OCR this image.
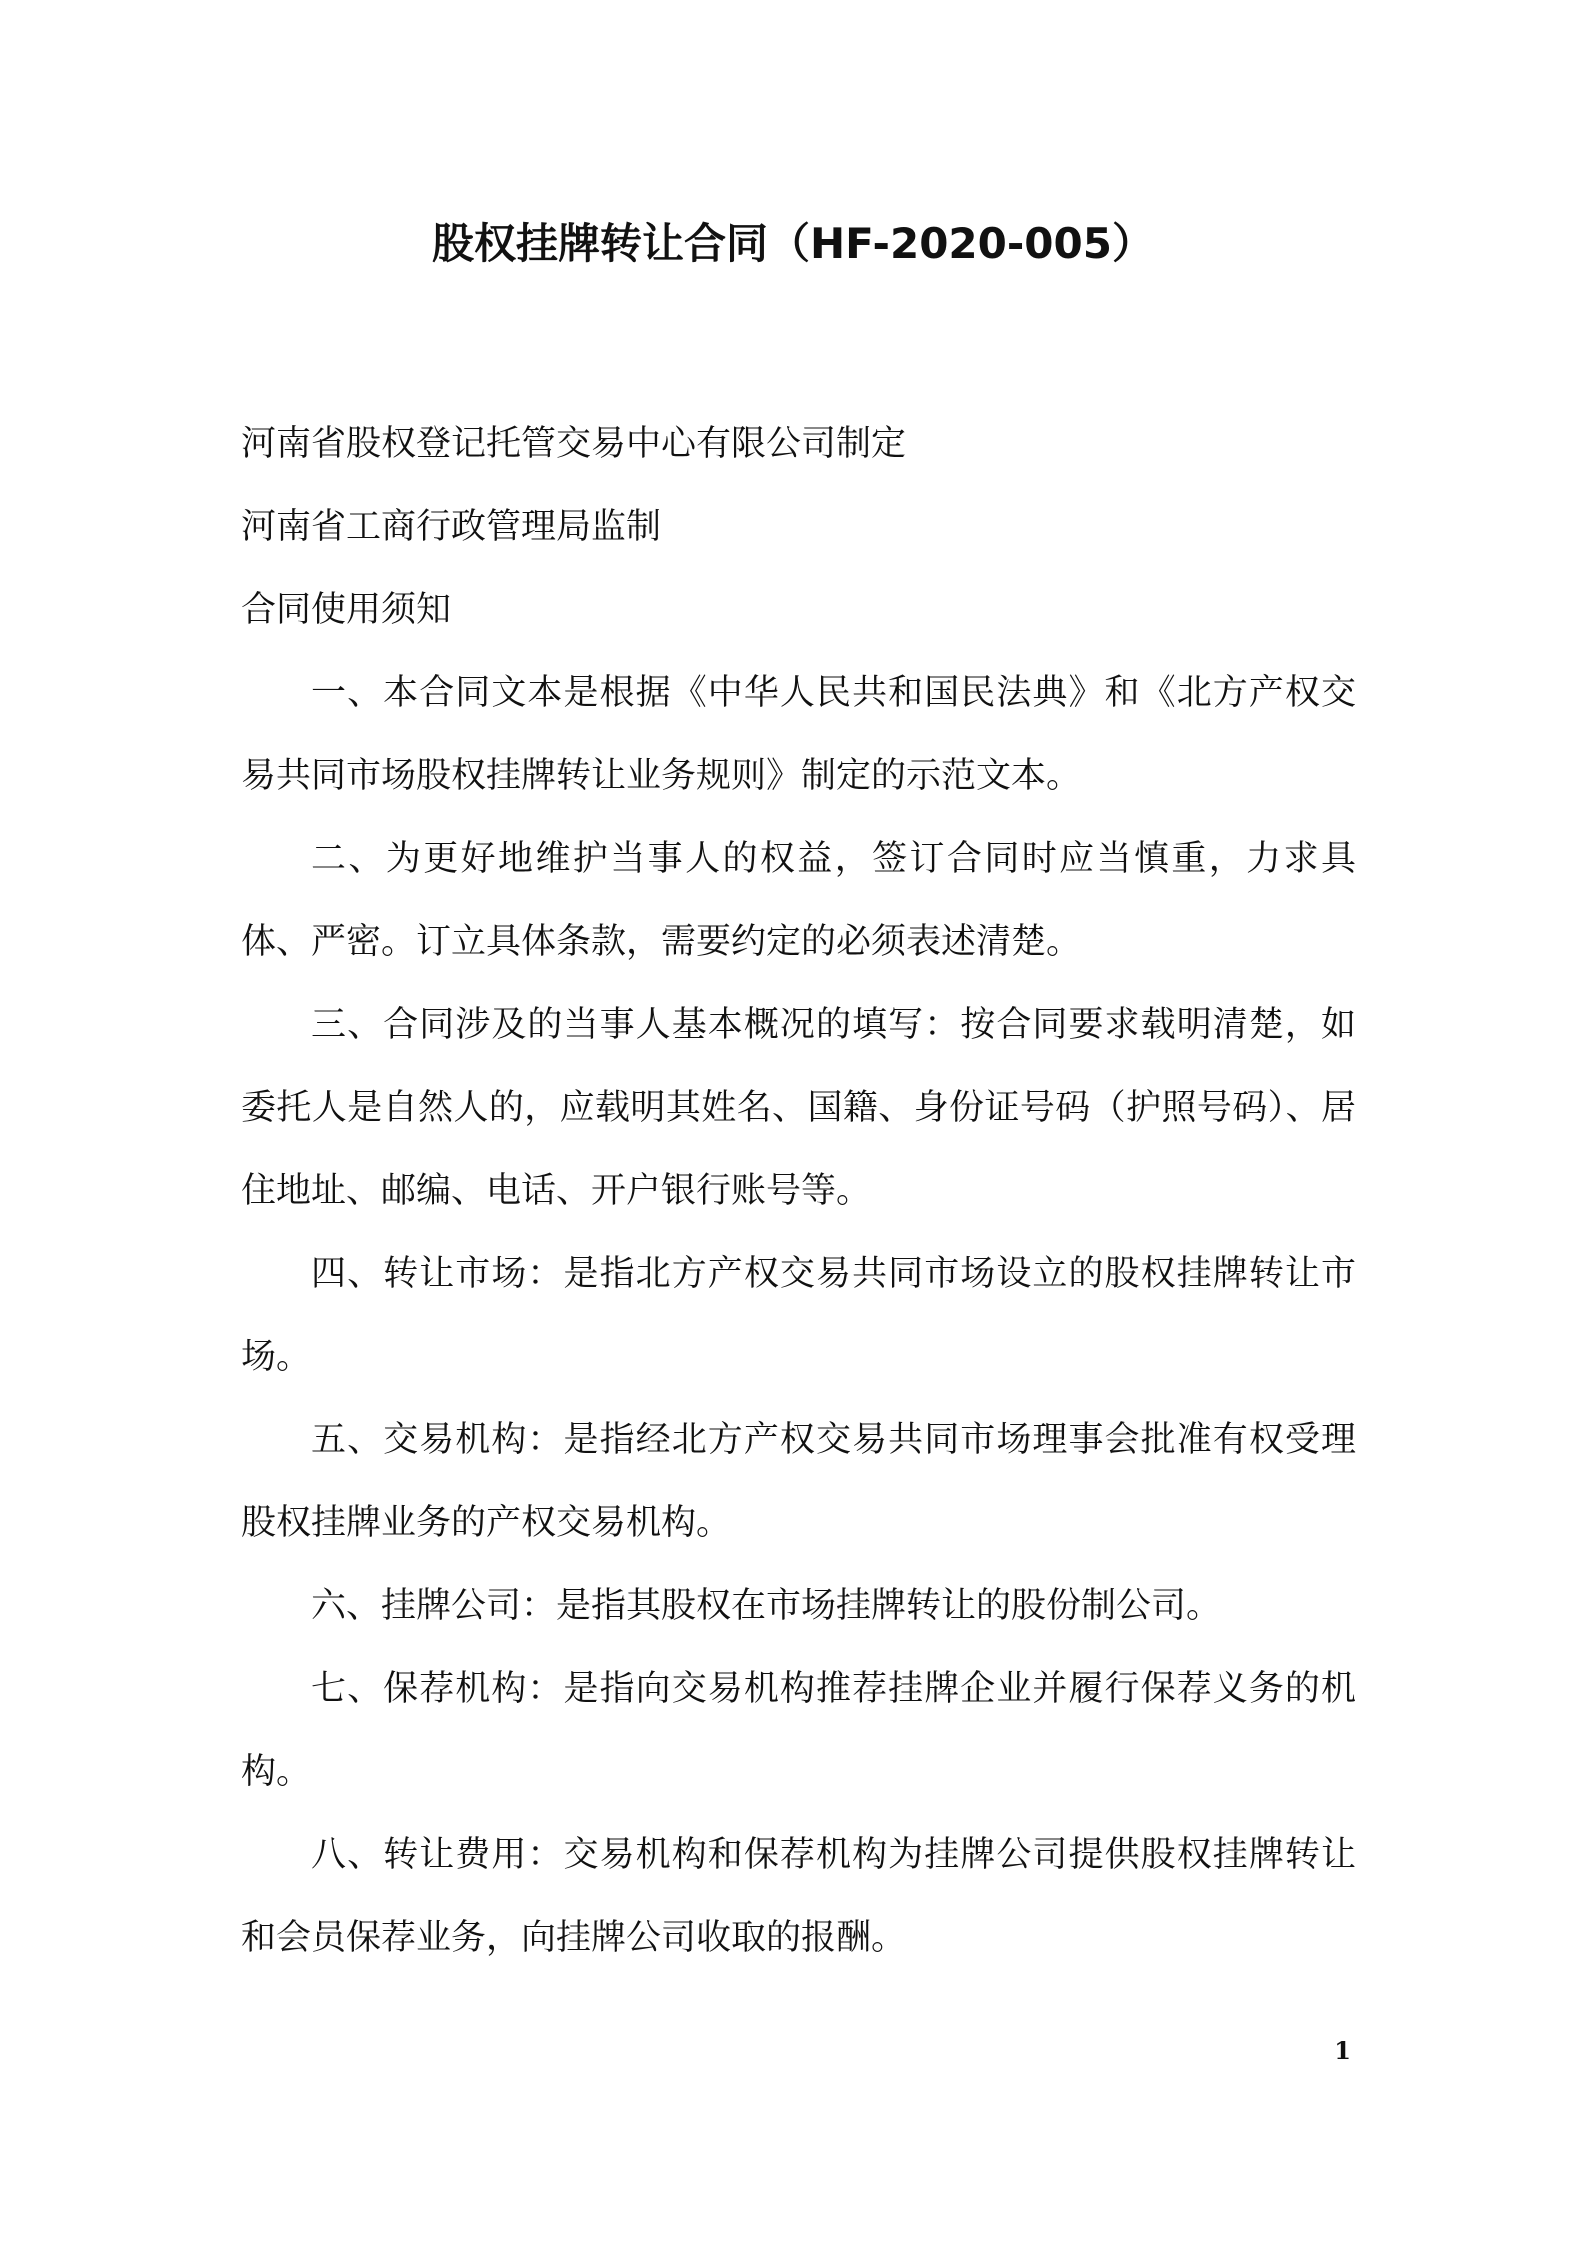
股权挂牌转让合同（HF-2020-005）

河南省股权登记托管交易中心有限公司制定

河南省工商行政管理局监制

合同使用须知

一、本合同文本是根据《中华人民共和国民法典》和《北方产权交易共同市场股权挂牌转让业务规则》制定的示范文本。

二、为更好地维护当事人的权益，签订合同时应当慎重，力求具体、严密。订立具体条款，需要约定的必须表述清楚。

三、合同涉及的当事人基本概况的填写：按合同要求载明清楚，如委托人是自然人的，应载明其姓名、国籍、身份证号码（护照号码）、居住地址、邮编、电话、开户银行账号等。

四、转让市场：是指北方产权交易共同市场设立的股权挂牌转让市场。

五、交易机构：是指经北方产权交易共同市场理事会批准有权受理股权挂牌业务的产权交易机构。

六、挂牌公司：是指其股权在市场挂牌转让的股份制公司。

七、保荐机构：是指向交易机构推荐挂牌企业并履行保荐义务的机构。

八、转让费用：交易机构和保荐机构为挂牌公司提供股权挂牌转让和会员保荐业务，向挂牌公司收取的报酬。

1
